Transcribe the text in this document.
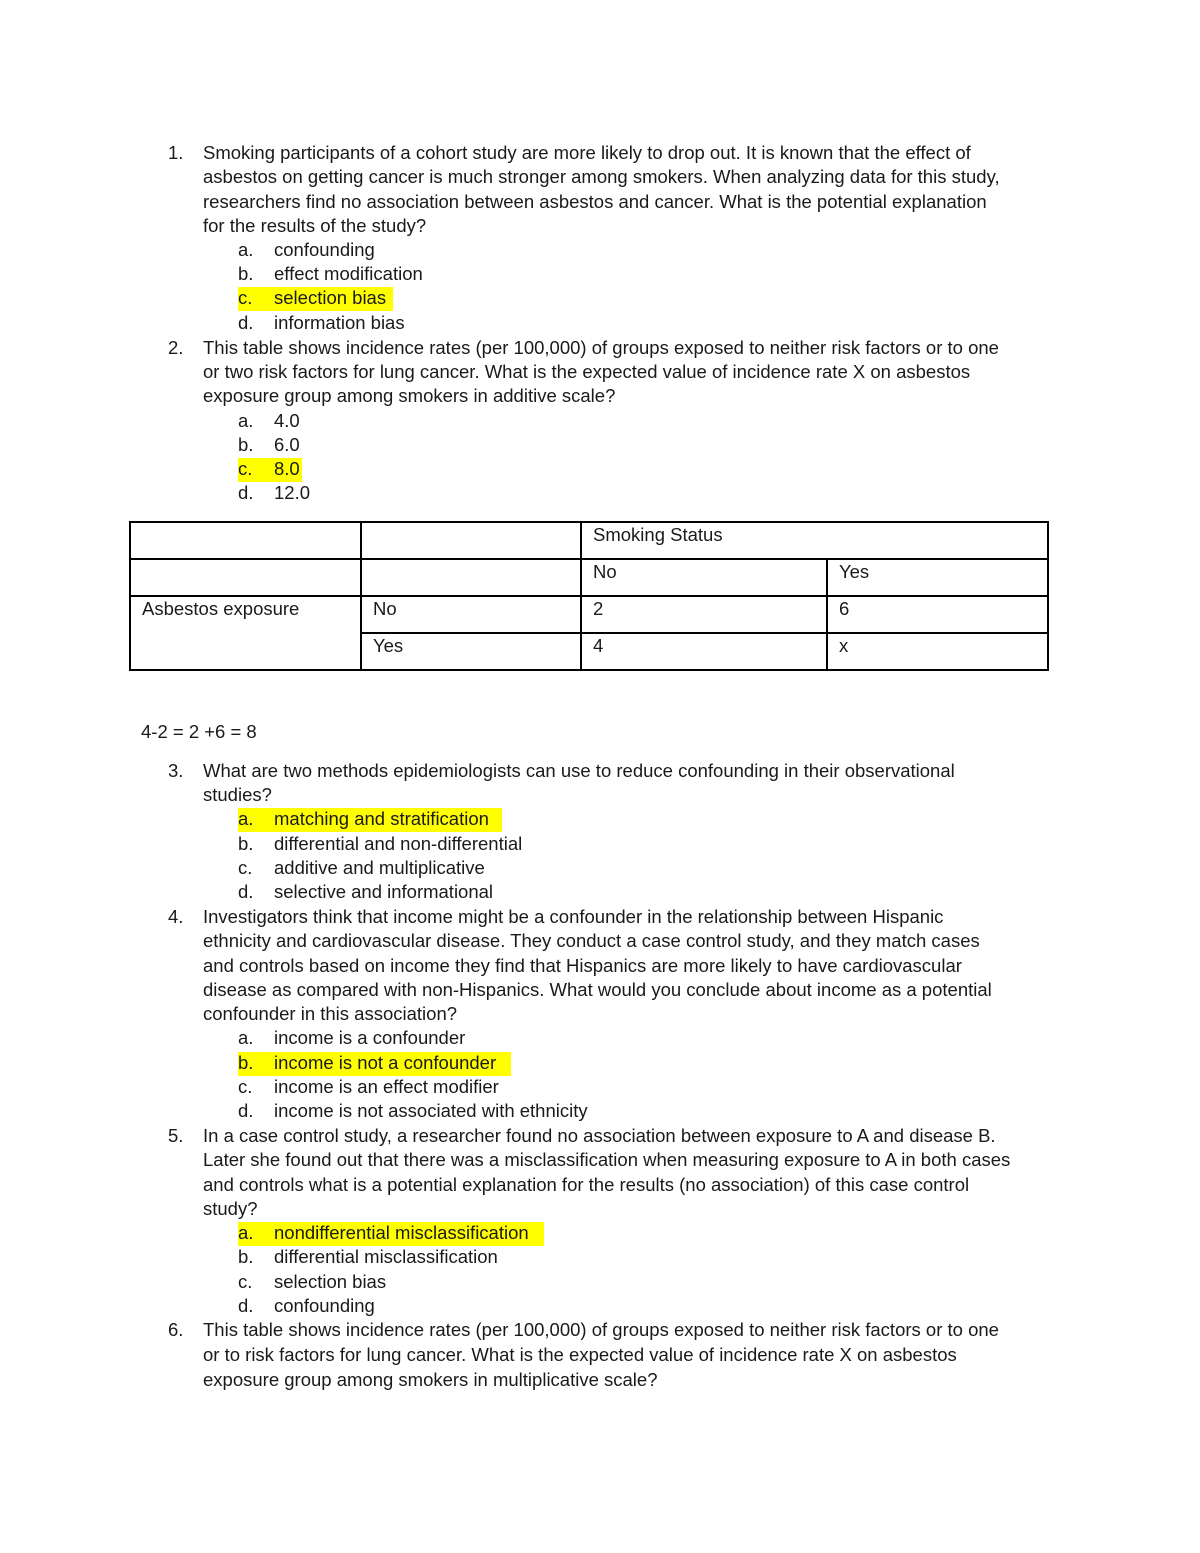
1.	Smoking participants of a cohort study are more likely to drop out. It is known that the effect of
asbestos on getting cancer is much stronger among smokers. When analyzing data for this study,
researchers find no association between asbestos and cancer. What is the potential explanation
for the results of the study?
a. confounding
b. effect modification
c. selection bias
d. information bias
2.	This table shows incidence rates (per 100,000) of groups exposed to neither risk factors or to one
or two risk factors for lung cancer. What is the expected value of incidence rate X on asbestos
exposure group among smokers in additive scale?
a. 4.0
b. 6.0
c. 8.0
d. 12.0
		Smoking Status	
		No	Yes
Asbestos exposure	No	2	6
	Yes	4	x
4-2 = 2 +6 = 8
3.	What are two methods epidemiologists can use to reduce confounding in their observational
studies?
a. matching and stratification
b. differential and non-differential
c. additive and multiplicative
d. selective and informational
4.	Investigators think that income might be a confounder in the relationship between Hispanic
ethnicity and cardiovascular disease. They conduct a case control study, and they match cases
and controls based on income they find that Hispanics are more likely to have cardiovascular
disease as compared with non-Hispanics. What would you conclude about income as a potential
confounder in this association?
a. income is a confounder
b. income is not a confounder
c. income is an effect modifier
d. income is not associated with ethnicity
5.	In a case control study, a researcher found no association between exposure to A and disease B.
Later she found out that there was a misclassification when measuring exposure to A in both cases
and controls what is a potential explanation for the results (no association) of this case control
study?
a. nondifferential misclassification
b. differential misclassification
c. selection bias
d. confounding
6.	This table shows incidence rates (per 100,000) of groups exposed to neither risk factors or to one
or to risk factors for lung cancer. What is the expected value of incidence rate X on asbestos
exposure group among smokers in multiplicative scale?
